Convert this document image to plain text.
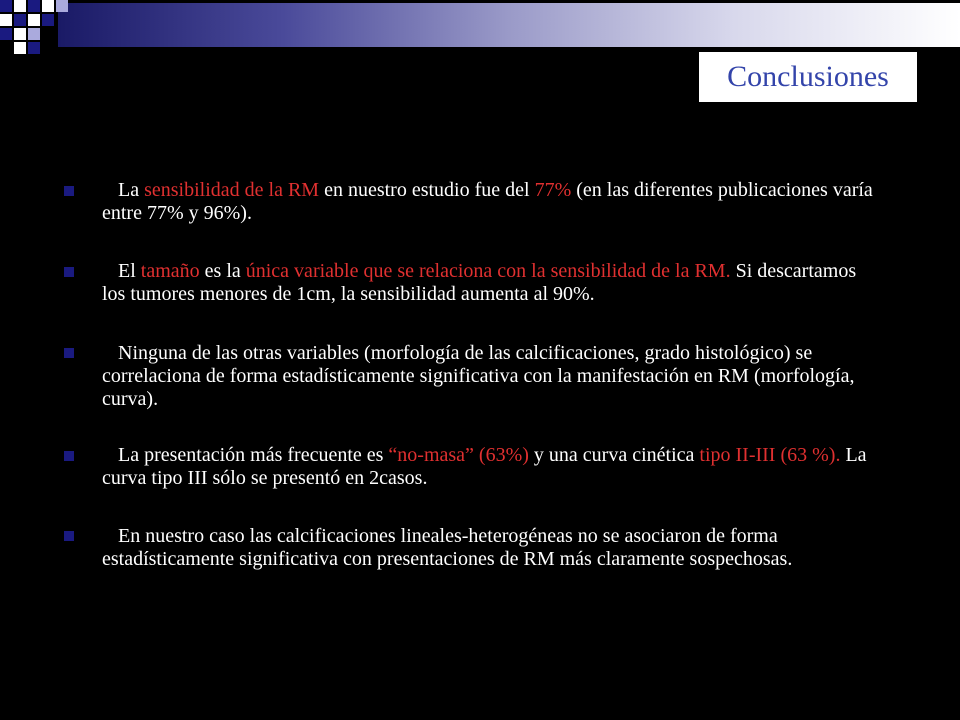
Conclusiones
La sensibilidad de la RM en nuestro estudio fue del 77% (en las diferentes publicaciones varía entre 77% y 96%).
El tamaño es la única variable que se relaciona con la sensibilidad de la RM. Si descartamos los tumores menores de 1cm, la sensibilidad aumenta al 90%.
Ninguna de las otras variables (morfología de las calcificaciones, grado histológico) se correlaciona de forma estadísticamente significativa con la manifestación en RM (morfología, curva).
La presentación más frecuente es “no-masa” (63%) y una curva cinética tipo II-III (63 %). La curva tipo III sólo se presentó en 2casos.
En nuestro caso las calcificaciones lineales-heterogéneas no se asociaron de forma estadísticamente significativa con presentaciones de RM más claramente sospechosas.
